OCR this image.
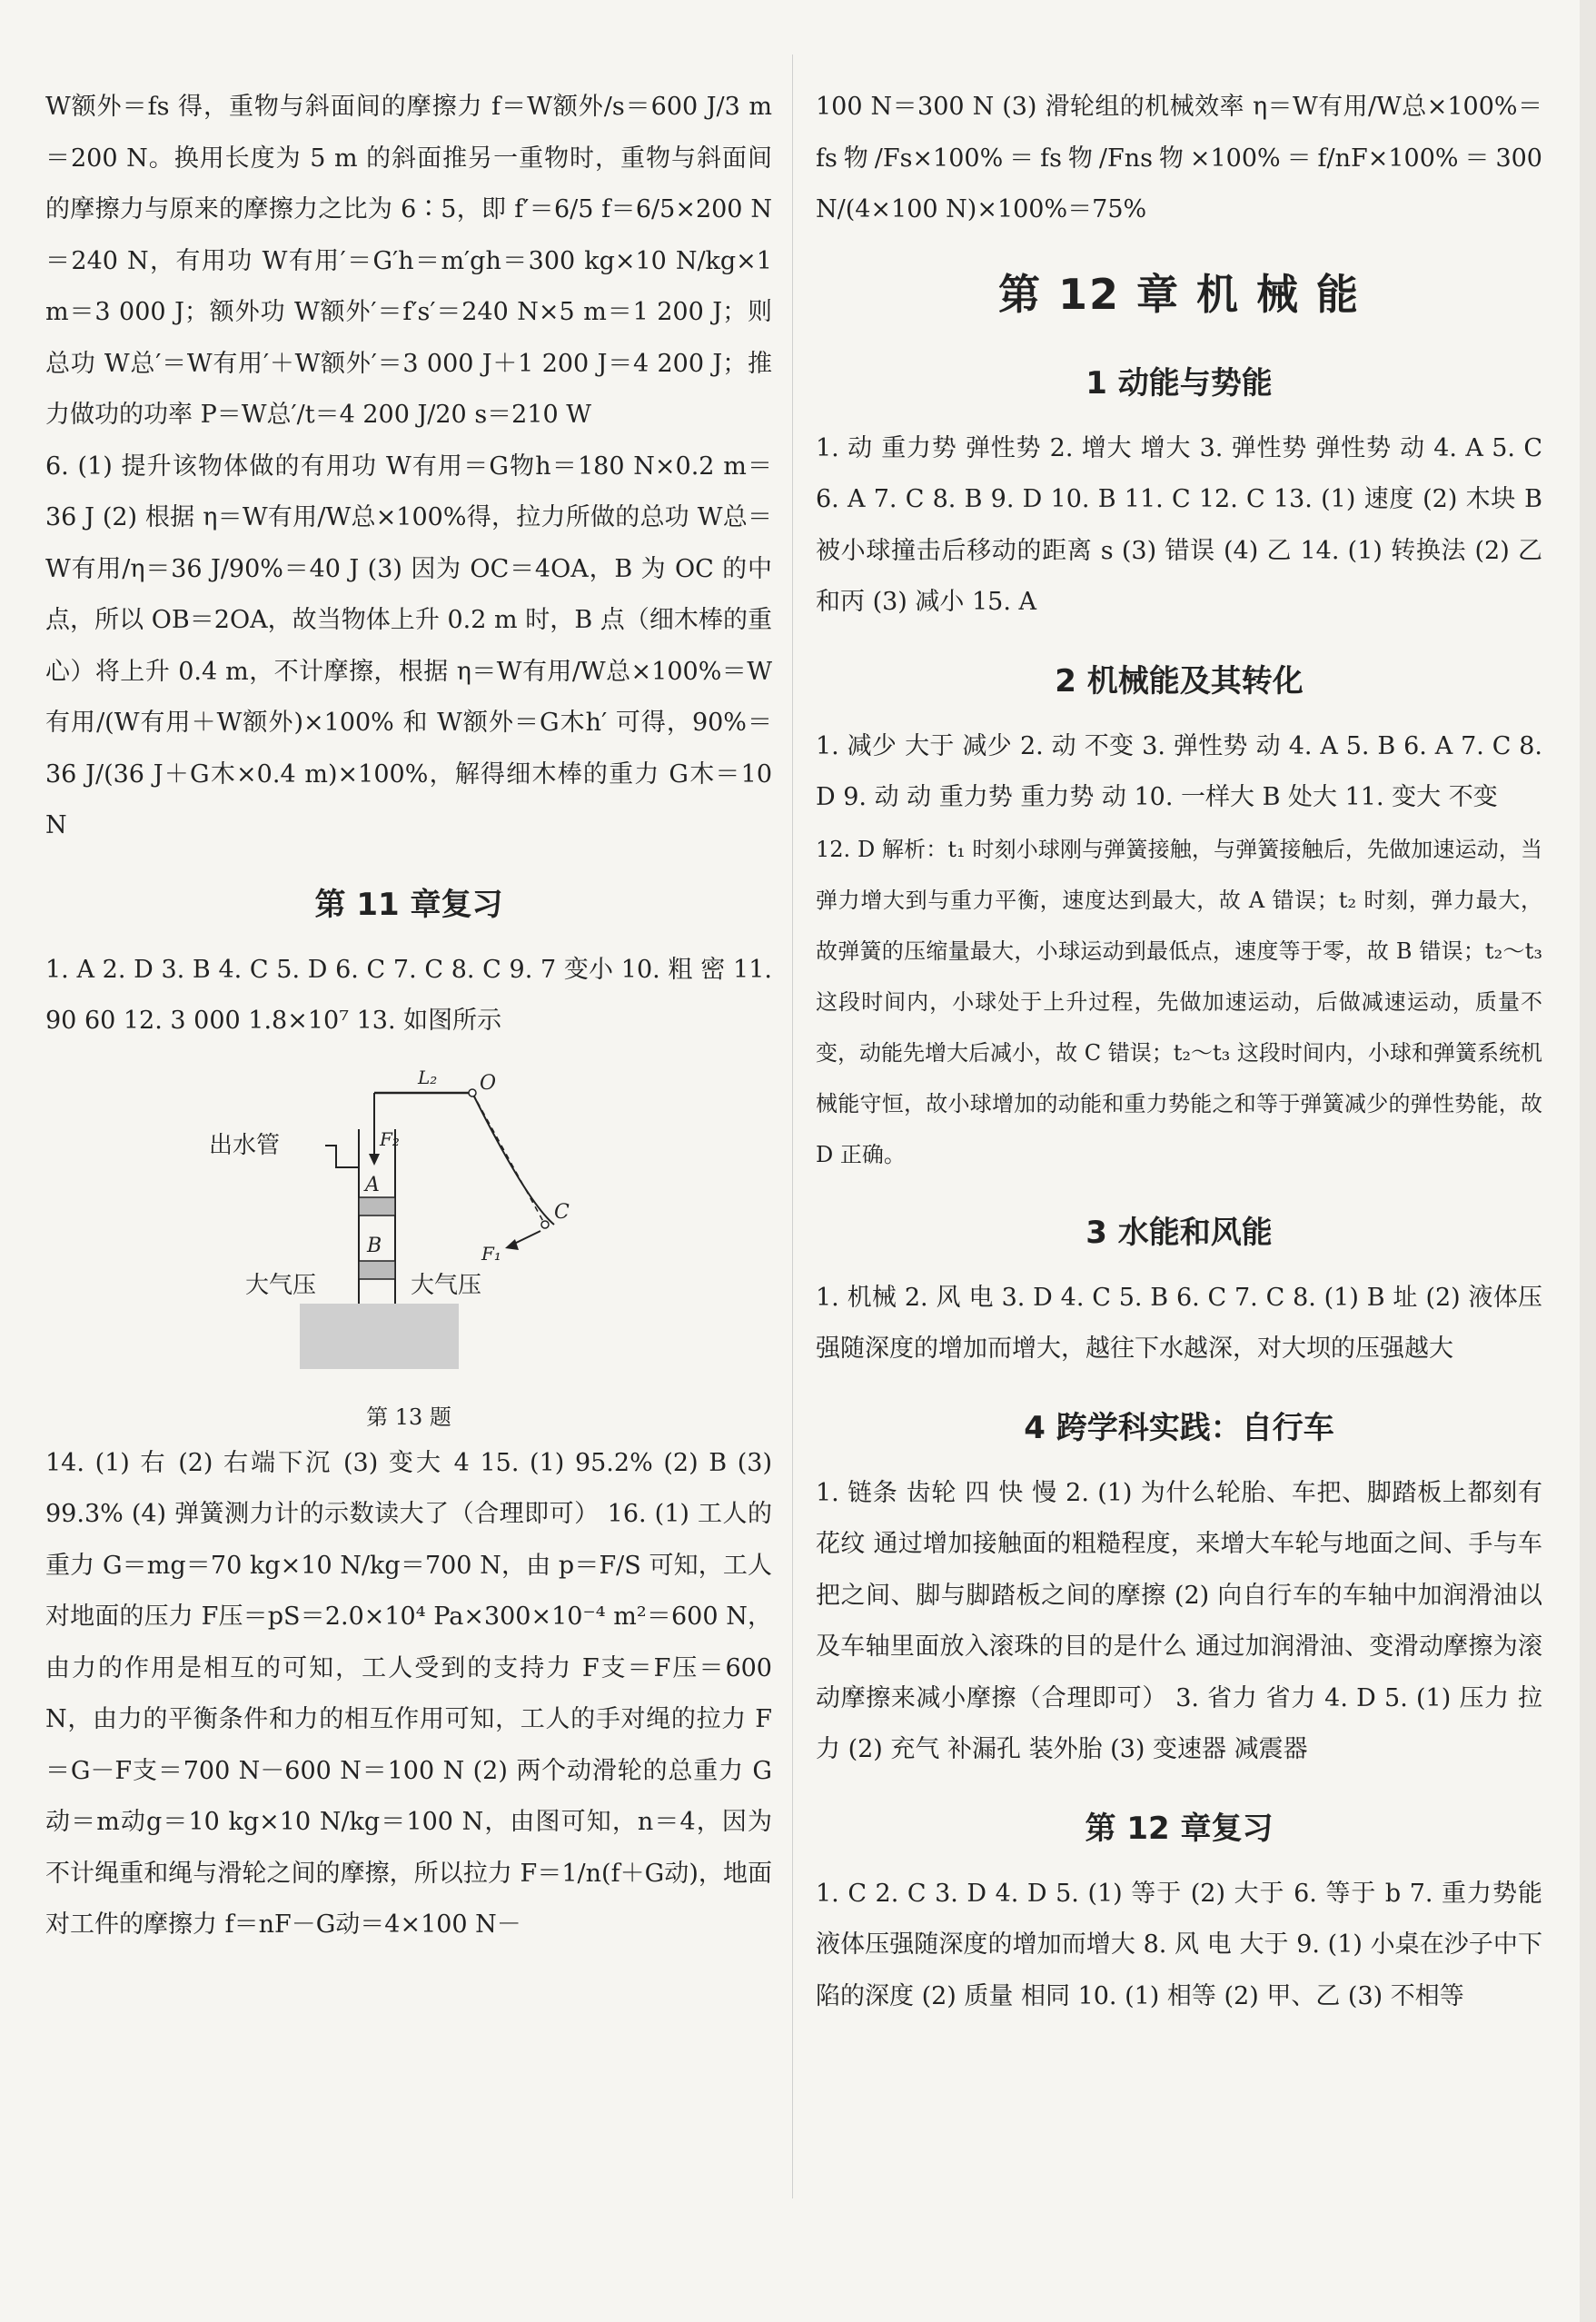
W额外＝fs 得，重物与斜面间的摩擦力 f＝W额外/s＝600 J/3 m＝200 N。换用长度为 5 m 的斜面推另一重物时，重物与斜面间的摩擦力与原来的摩擦力之比为 6∶5，即 f′＝6/5 f＝6/5×200 N＝240 N，有用功 W有用′＝G′h＝m′gh＝300 kg×10 N/kg×1 m＝3 000 J；额外功 W额外′＝f′s′＝240 N×5 m＝1 200 J；则总功 W总′＝W有用′＋W额外′＝3 000 J＋1 200 J＝4 200 J；推力做功的功率 P＝W总′/t＝4 200 J/20 s＝210 W

6. (1) 提升该物体做的有用功 W有用＝G物h＝180 N×0.2 m＝36 J (2) 根据 η＝W有用/W总×100%得，拉力所做的总功 W总＝W有用/η＝36 J/90%＝40 J (3) 因为 OC＝4OA，B 为 OC 的中点，所以 OB＝2OA，故当物体上升 0.2 m 时，B 点（细木棒的重心）将上升 0.4 m，不计摩擦，根据 η＝W有用/W总×100%＝W有用/(W有用＋W额外)×100% 和 W额外＝G木h′ 可得，90%＝36 J/(36 J＋G木×0.4 m)×100%，解得细木棒的重力 G木＝10 N

第 11 章复习

1. A 2. D 3. B 4. C 5. D 6. C 7. C 8. C 9. 7 变小 10. 粗 密 11. 90 60 12. 3 000 1.8×10⁷ 13. 如图所示

出水管
A
B
O
C
L₂
F₂
F₁
大气压	大气压
第 13 题

14. (1) 右 (2) 右端下沉 (3) 变大 4 15. (1) 95.2% (2) B (3) 99.3% (4) 弹簧测力计的示数读大了（合理即可） 16. (1) 工人的重力 G＝mg＝70 kg×10 N/kg＝700 N，由 p＝F/S 可知，工人对地面的压力 F压＝pS＝2.0×10⁴ Pa×300×10⁻⁴ m²＝600 N，由力的作用是相互的可知，工人受到的支持力 F支＝F压＝600 N，由力的平衡条件和力的相互作用可知，工人的手对绳的拉力 F＝G－F支＝700 N－600 N＝100 N (2) 两个动滑轮的总重力 G动＝m动g＝10 kg×10 N/kg＝100 N，由图可知，n＝4，因为不计绳重和绳与滑轮之间的摩擦，所以拉力 F＝1/n(f＋G动)，地面对工件的摩擦力 f＝nF－G动＝4×100 N－

100 N＝300 N (3) 滑轮组的机械效率 η＝W有用/W总×100%＝fs物/Fs×100%＝fs物/Fns物×100%＝f/nF×100%＝300 N/(4×100 N)×100%＝75%

第 12 章 机 械 能
1 动能与势能

1. 动 重力势 弹性势 2. 增大 增大 3. 弹性势 弹性势 动 4. A 5. C 6. A 7. C 8. B 9. D 10. B 11. C 12. C 13. (1) 速度 (2) 木块 B 被小球撞击后移动的距离 s (3) 错误 (4) 乙 14. (1) 转换法 (2) 乙和丙 (3) 减小 15. A

2 机械能及其转化

1. 减少 大于 减少 2. 动 不变 3. 弹性势 动 4. A 5. B 6. A 7. C 8. D 9. 动 动 重力势 重力势 动 10. 一样大 B 处大 11. 变大 不变

12. D 解析：t₁ 时刻小球刚与弹簧接触，与弹簧接触后，先做加速运动，当弹力增大到与重力平衡，速度达到最大，故 A 错误；t₂ 时刻，弹力最大，故弹簧的压缩量最大，小球运动到最低点，速度等于零，故 B 错误；t₂～t₃ 这段时间内，小球处于上升过程，先做加速运动，后做减速运动，质量不变，动能先增大后减小，故 C 错误；t₂～t₃ 这段时间内，小球和弹簧系统机械能守恒，故小球增加的动能和重力势能之和等于弹簧减少的弹性势能，故 D 正确。

3 水能和风能

1. 机械 2. 风 电 3. D 4. C 5. B 6. C 7. C 8. (1) B 址 (2) 液体压强随深度的增加而增大，越往下水越深，对大坝的压强越大

4 跨学科实践：自行车

1. 链条 齿轮 四 快 慢 2. (1) 为什么轮胎、车把、脚踏板上都刻有花纹 通过增加接触面的粗糙程度，来增大车轮与地面之间、手与车把之间、脚与脚踏板之间的摩擦 (2) 向自行车的车轴中加润滑油以及车轴里面放入滚珠的目的是什么 通过加润滑油、变滑动摩擦为滚动摩擦来减小摩擦（合理即可） 3. 省力 省力 4. D 5. (1) 压力 拉力 (2) 充气 补漏孔 装外胎 (3) 变速器 减震器

第 12 章复习

1. C 2. C 3. D 4. D 5. (1) 等于 (2) 大于 6. 等于 b 7. 重力势能 液体压强随深度的增加而增大 8. 风 电 大于 9. (1) 小桌在沙子中下陷的深度 (2) 质量 相同 10. (1) 相等 (2) 甲、乙 (3) 不相等
